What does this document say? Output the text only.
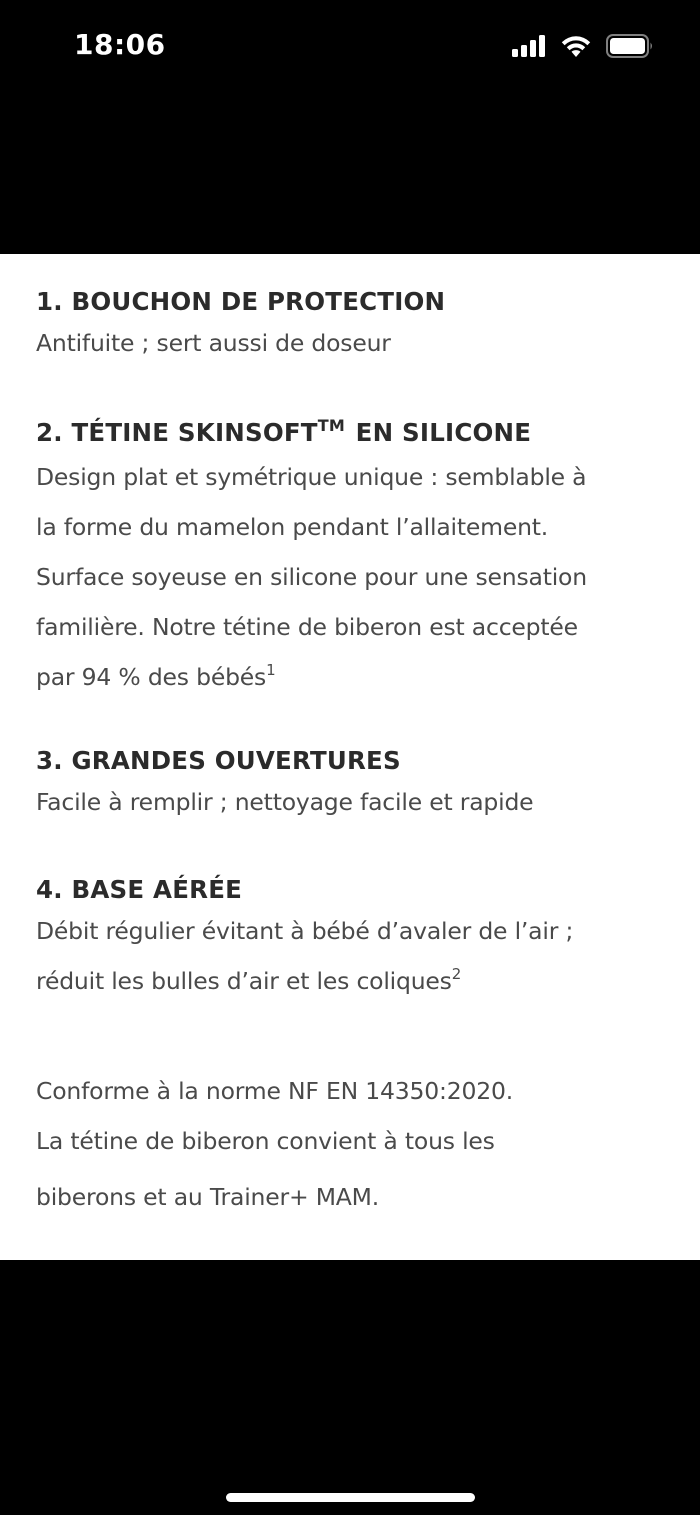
18:06
1. BOUCHON DE PROTECTION
Antifuite ; sert aussi de doseur
2. TÉTINE SKINSOFT™ EN SILICONE
Design plat et symétrique unique : semblable à
la forme du mamelon pendant l’allaitement.
Surface soyeuse en silicone pour une sensation
familière. Notre tétine de biberon est acceptée
par 94 % des bébés$^1$
3. GRANDES OUVERTURES
Facile à remplir ; nettoyage facile et rapide
4. BASE AÉRÉE
Débit régulier évitant à bébé d’avaler de l’air ;
réduit les bulles d’air et les coliques$^2$
Conforme à la norme NF EN 14350:2020.
La tétine de biberon convient à tous les
biberons et au Trainer+ MAM.
